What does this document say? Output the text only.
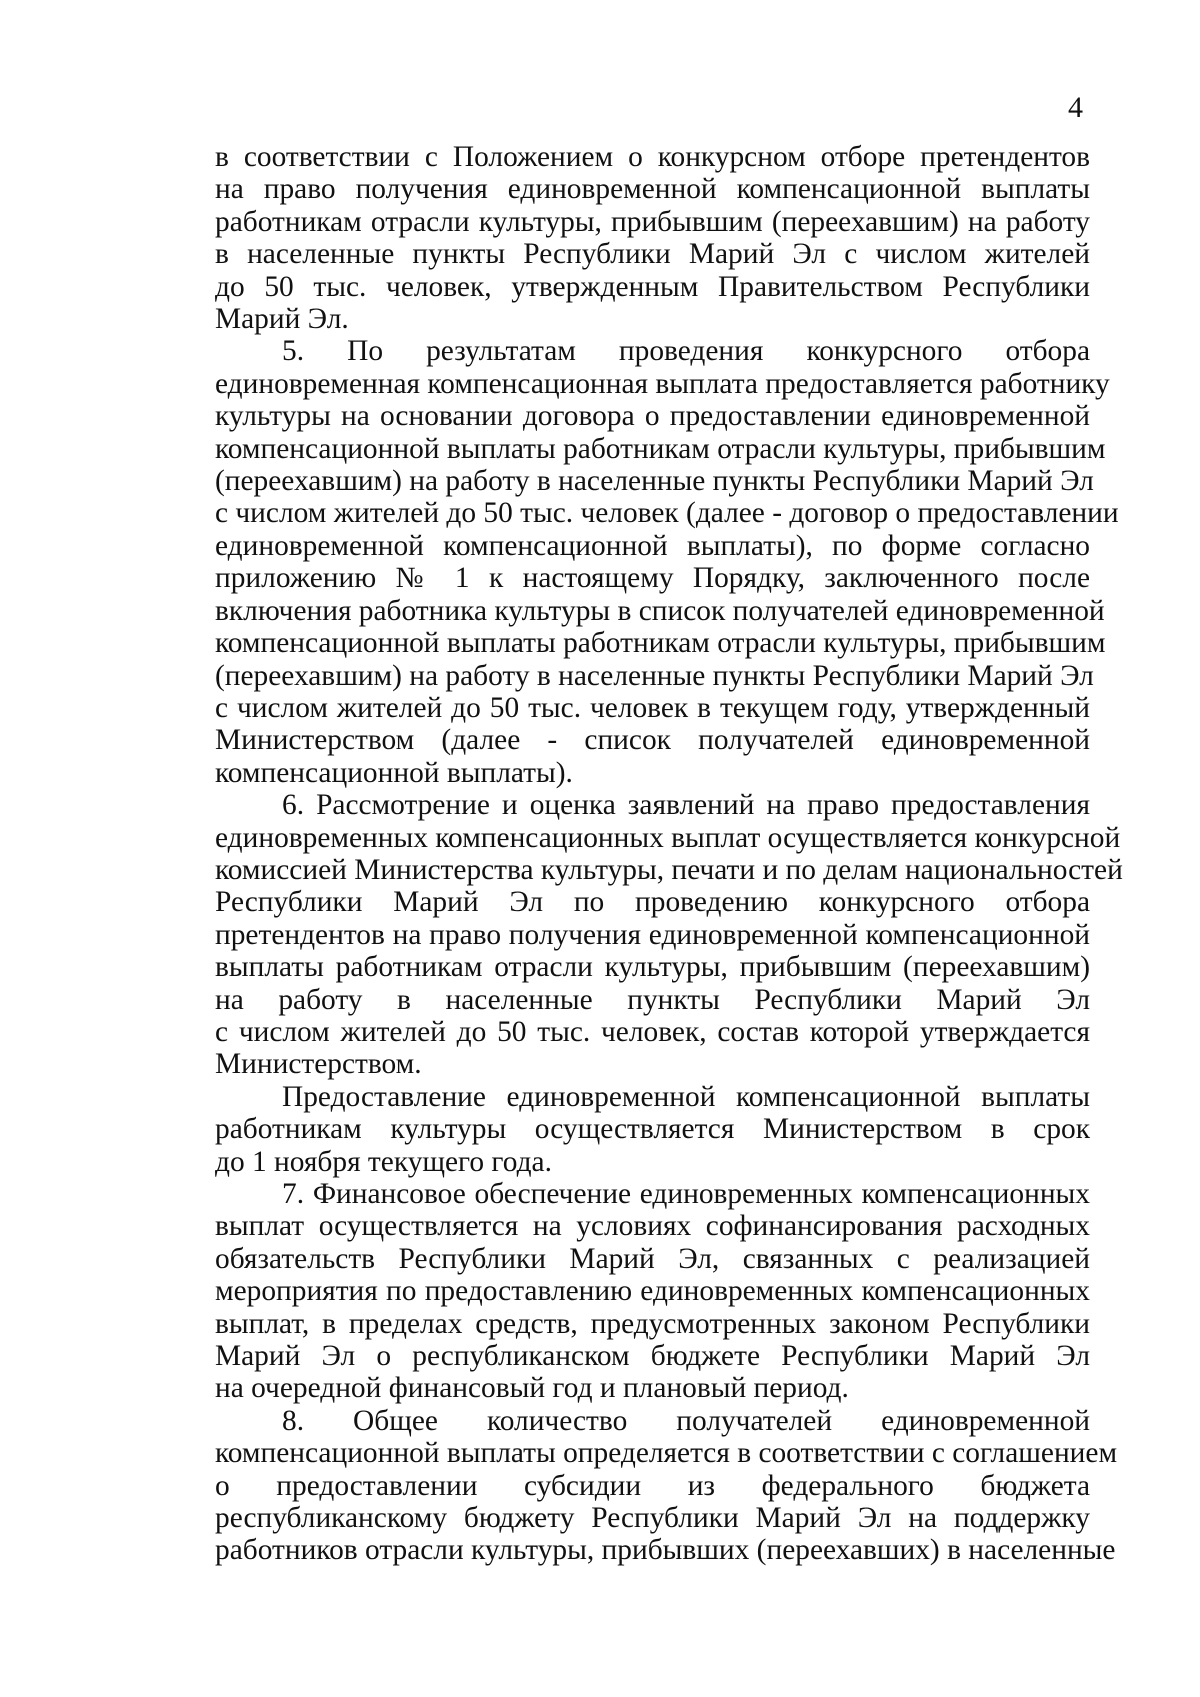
4

в соответствии с Положением о конкурсном отборе претендентов
на право получения единовременной компенсационной выплаты
работникам отрасли культуры, прибывшим (переехавшим) на работу
в населенные пункты Республики Марий Эл с числом жителей
до 50 тыс. человек, утвержденным Правительством Республики
Марий Эл.

5. По результатам проведения конкурсного отбора
единовременная компенсационная выплата предоставляется работнику
культуры на основании договора о предоставлении единовременной
компенсационной выплаты работникам отрасли культуры, прибывшим
(переехавшим) на работу в населенные пункты Республики Марий Эл
с числом жителей до 50 тыс. человек (далее - договор о предоставлении
единовременной компенсационной выплаты), по форме согласно
приложению № 1 к настоящему Порядку, заключенного после
включения работника культуры в список получателей единовременной
компенсационной выплаты работникам отрасли культуры, прибывшим
(переехавшим) на работу в населенные пункты Республики Марий Эл
с числом жителей до 50 тыс. человек в текущем году, утвержденный
Министерством (далее - список получателей единовременной
компенсационной выплаты).

6. Рассмотрение и оценка заявлений на право предоставления
единовременных компенсационных выплат осуществляется конкурсной
комиссией Министерства культуры, печати и по делам национальностей
Республики Марий Эл по проведению конкурсного отбора
претендентов на право получения единовременной компенсационной
выплаты работникам отрасли культуры, прибывшим (переехавшим)
на работу в населенные пункты Республики Марий Эл
с числом жителей до 50 тыс. человек, состав которой утверждается
Министерством.

Предоставление единовременной компенсационной выплаты
работникам культуры осуществляется Министерством в срок
до 1 ноября текущего года.

7. Финансовое обеспечение единовременных компенсационных
выплат осуществляется на условиях софинансирования расходных
обязательств Республики Марий Эл, связанных с реализацией
мероприятия по предоставлению единовременных компенсационных
выплат, в пределах средств, предусмотренных законом Республики
Марий Эл о республиканском бюджете Республики Марий Эл
на очередной финансовый год и плановый период.

8. Общее количество получателей единовременной
компенсационной выплаты определяется в соответствии с соглашением
о предоставлении субсидии из федерального бюджета
республиканскому бюджету Республики Марий Эл на поддержку
работников отрасли культуры, прибывших (переехавших) в населенные
